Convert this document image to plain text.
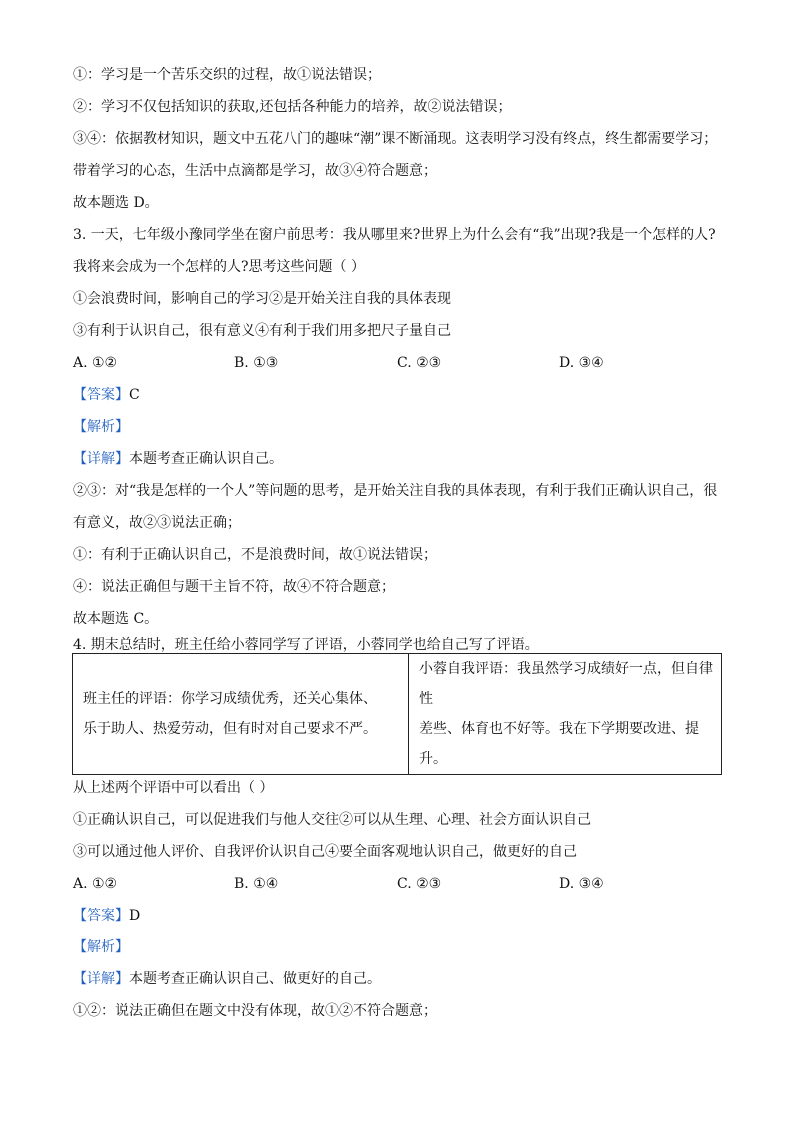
①：学习是一个苦乐交织的过程，故①说法错误；
②：学习不仅包括知识的获取,还包括各种能力的培养，故②说法错误；
③④：依据教材知识，题文中五花八门的趣味“潮”课不断涌现。这表明学习没有终点，终生都需要学习；
带着学习的心态，生活中点滴都是学习，故③④符合题意；
故本题选 D。
3. 一天，七年级小豫同学坐在窗户前思考：我从哪里来?世界上为什么会有“我”出现?我是一个怎样的人?
我将来会成为一个怎样的人?思考这些问题（ ）
①会浪费时间，影响自己的学习②是开始关注自我的具体表现
③有利于认识自己，很有意义④有利于我们用多把尺子量自己
A. ①②	B. ①③	C. ②③	D. ③④
【答案】C
【解析】
【详解】本题考查正确认识自己。
②③：对“我是怎样的一个人”等问题的思考，是开始关注自我的具体表现，有利于我们正确认识自己，很
有意义，故②③说法正确；
①：有利于正确认识自己，不是浪费时间，故①说法错误；
④：说法正确但与题干主旨不符，故④不符合题意；
故本题选 C。
4. 期末总结时，班主任给小蓉同学写了评语，小蓉同学也给自己写了评语。
班主任的评语：你学习成绩优秀，还关心集体、
乐于助人、热爱劳动，但有时对自己要求不严。

小蓉自我评语：我虽然学习成绩好一点，但自律性
差些、体育也不好等。我在下学期要改进、提升。
从上述两个评语中可以看出（ ）
①正确认识自己，可以促进我们与他人交往②可以从生理、心理、社会方面认识自己
③可以通过他人评价、自我评价认识自己④要全面客观地认识自己，做更好的自己
A. ①②	B. ①④	C. ②③	D. ③④
【答案】D
【解析】
【详解】本题考查正确认识自己、做更好的自己。
①②：说法正确但在题文中没有体现，故①②不符合题意；
